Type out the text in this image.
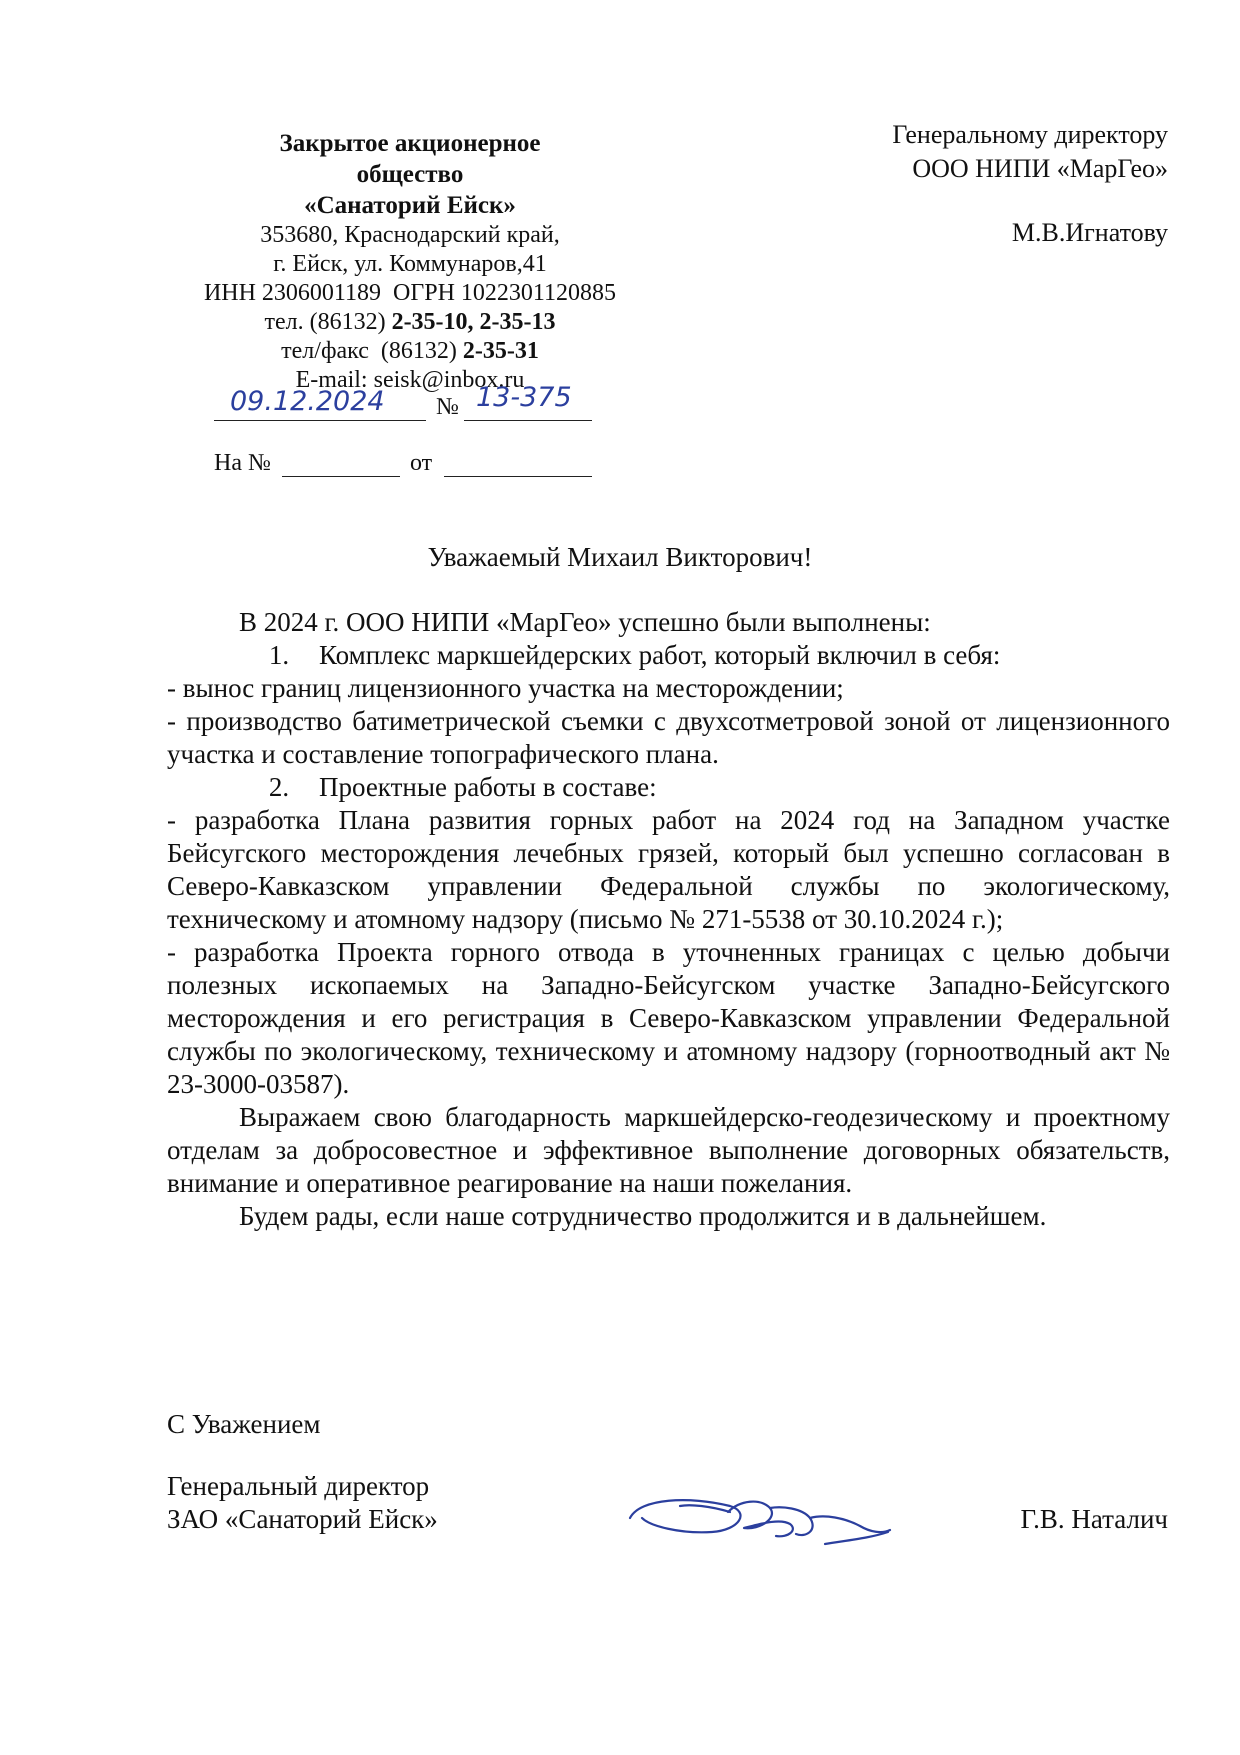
Закрытое акционерное
общество
«Санаторий Ейск»
353680, Краснодарский край,
г. Ейск, ул. Коммунаров,41
ИНН 2306001189  ОГРН 1022301120885
тел. (86132) 2-35-10, 2-35-13
тел/факс  (86132) 2-35-31
E-mail: seisk@inbox.ru
09.12.2024 № 13-375
На №	от
Генеральному директору
ООО НИПИ «МарГео»
М.В.Игнатову
Уважаемый Михаил Викторович!

В 2024 г. ООО НИПИ «МарГео» успешно были выполнены:

1.	Комплекс маркшейдерских работ, который включил в себя:

- вынос границ лицензионного участка на месторождении;

- производство батиметрической съемки с двухсотметровой зоной от лицензионного участка и составление топографического плана.

2.	Проектные работы в составе:

- разработка Плана развития горных работ на 2024 год на Западном участке Бейсугского месторождения лечебных грязей, который был успешно согласован в Северо-Кавказском управлении Федеральной службы по экологическому, техническому и атомному надзору (письмо № 271-5538 от 30.10.2024 г.);

- разработка Проекта горного отвода в уточненных границах с целью добычи полезных ископаемых на Западно-Бейсугском участке Западно-Бейсугского месторождения и его регистрация в Северо-Кавказском управлении Федеральной службы по экологическому, техническому и атомному надзору (горноотводный акт № 23-3000-03587).

Выражаем свою благодарность маркшейдерско-геодезическому и проектному отделам за добросовестное и эффективное выполнение договорных обязательств, внимание и оперативное реагирование на наши пожелания.

Будем рады, если наше сотрудничество продолжится и в дальнейшем.

С Уважением
Генеральный директор
ЗАО «Санаторий Ейск»	Г.В. Наталич
